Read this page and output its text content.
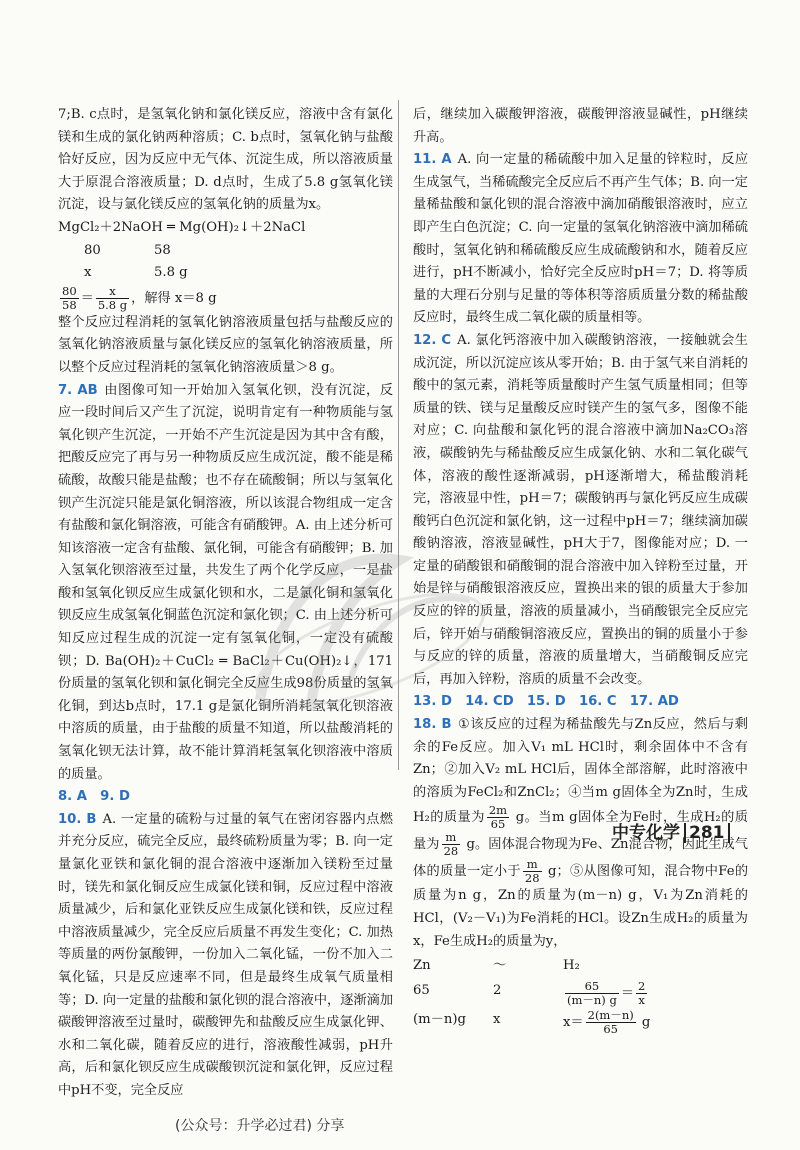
7;B. c点时，是氢氧化钠和氯化镁反应，溶液中含有氯化镁和生成的氯化钠两种溶质；C. b点时，氢氧化钠与盐酸恰好反应，因为反应中无气体、沉淀生成，所以溶液质量大于原混合溶液质量；D. d点时，生成了5.8 g氢氧化镁沉淀，设与氯化镁反应的氢氧化钠的质量为x。

MgCl₂＋2NaOH ═ Mg(OH)₂↓＋2NaCl

80	58
x	5.8 g

$\frac{80}{58} = \frac{x}{5.8 g}$ ，解得 x＝8 g

整个反应过程消耗的氢氧化钠溶液质量包括与盐酸反应的氢氧化钠溶液质量与氯化镁反应的氢氧化钠溶液质量，所以整个反应过程消耗的氢氧化钠溶液质量＞8 g。

7. AB 由图像可知一开始加入氢氧化钡，没有沉淀，反应一段时间后又产生了沉淀，说明肯定有一种物质能与氢氧化钡产生沉淀，一开始不产生沉淀是因为其中含有酸，把酸反应完了再与另一种物质反应生成沉淀，酸不能是稀硫酸，故酸只能是盐酸；也不存在硫酸铜；所以与氢氧化钡产生沉淀只能是氯化铜溶液，所以该混合物组成一定含有盐酸和氯化铜溶液，可能含有硝酸钾。A. 由上述分析可知该溶液一定含有盐酸、氯化铜，可能含有硝酸钾；B. 加入氢氧化钡溶液至过量，共发生了两个化学反应，一是盐酸和氢氧化钡反应生成氯化钡和水，二是氯化铜和氢氧化钡反应生成氢氧化铜蓝色沉淀和氯化钡；C. 由上述分析可知反应过程生成的沉淀一定有氢氧化铜，一定没有硫酸钡；D. Ba(OH)₂＋CuCl₂ ═ BaCl₂＋Cu(OH)₂↓，171份质量的氢氧化钡和氯化铜完全反应生成98份质量的氢氧化铜，到达b点时，17.1 g是氯化铜所消耗氢氧化钡溶液中溶质的质量，由于盐酸的质量不知道，所以盐酸消耗的氢氧化钡无法计算，故不能计算消耗氢氧化钡溶液中溶质的质量。

8. A　9. D

10. B A. 一定量的硫粉与过量的氧气在密闭容器内点燃并充分反应，硫完全反应，最终硫粉质量为零；B. 向一定量氯化亚铁和氯化铜的混合溶液中逐渐加入镁粉至过量时，镁先和氯化铜反应生成氯化镁和铜，反应过程中溶液质量减少，后和氯化亚铁反应生成氯化镁和铁，反应过程中溶液质量减少，完全反应后质量不再发生变化；C. 加热等质量的两份氯酸钾，一份加入二氧化锰，一份不加入二氧化锰，只是反应速率不同，但是最终生成氧气质量相等；D. 向一定量的盐酸和氯化钡的混合溶液中，逐渐滴加碳酸钾溶液至过量时，碳酸钾先和盐酸反应生成氯化钾、水和二氧化碳，随着反应的进行，溶液酸性减弱，pH升高，后和氯化钡反应生成碳酸钡沉淀和氯化钾，反应过程中pH不变，完全反应

后，继续加入碳酸钾溶液，碳酸钾溶液显碱性，pH继续升高。

11. A A. 向一定量的稀硫酸中加入足量的锌粒时，反应生成氢气，当稀硫酸完全反应后不再产生气体；B. 向一定量稀盐酸和氯化钡的混合溶液中滴加硝酸银溶液时，应立即产生白色沉淀；C. 向一定量的氢氧化钠溶液中滴加稀硫酸时，氢氧化钠和稀硫酸反应生成硫酸钠和水，随着反应进行，pH不断减小，恰好完全反应时pH＝7；D. 将等质量的大理石分别与足量的等体积等溶质质量分数的稀盐酸反应时，最终生成二氧化碳的质量相等。

12. C A. 氯化钙溶液中加入碳酸钠溶液，一接触就会生成沉淀，所以沉淀应该从零开始；B. 由于氢气来自消耗的酸中的氢元素，消耗等质量酸时产生氢气质量相同；但等质量的铁、镁与足量酸反应时镁产生的氢气多，图像不能对应；C. 向盐酸和氯化钙的混合溶液中滴加Na₂CO₃溶液，碳酸钠先与稀盐酸反应生成氯化钠、水和二氧化碳气体，溶液的酸性逐渐减弱，pH逐渐增大，稀盐酸消耗完，溶液显中性，pH＝7；碳酸钠再与氯化钙反应生成碳酸钙白色沉淀和氯化钠，这一过程中pH＝7；继续滴加碳酸钠溶液，溶液显碱性，pH大于7，图像能对应；D. 一定量的硝酸银和硝酸铜的混合溶液中加入锌粉至过量，开始是锌与硝酸银溶液反应，置换出来的银的质量大于参加反应的锌的质量，溶液的质量减小，当硝酸银完全反应完后，锌开始与硝酸铜溶液反应，置换出的铜的质量小于参与反应的锌的质量，溶液的质量增大，当硝酸铜反应完后，再加入锌粉，溶质的质量不会改变。

13. D　14. CD　15. D　16. C　17. AD

18. B ①该反应的过程为稀盐酸先与Zn反应，然后与剩余的Fe反应。加入V₁ mL HCl时，剩余固体中不含有Zn；②加入V₂ mL HCl后，固体全部溶解，此时溶液中的溶质为FeCl₂和ZnCl₂；④当m g固体全为Zn时，生成H₂的质量为 $\frac{2m}{65}$ g。当m g固体全为Fe时，生成H₂的质量为 $\frac{m}{28}$ g。固体混合物现为Fe、Zn混合物，因此生成气体的质量一定小于 $\frac{m}{28}$ g；⑤从图像可知，混合物中Fe的质量为n g，Zn的质量为(m－n) g，V₁为Zn消耗的HCl，(V₂－V₁)为Fe消耗的HCl。设Zn生成H₂的质量为x，Fe生成H₂的质量为y，

Zn	～	H₂
65	2	$\frac{65}{(m-n) g} = \frac{2}{x}$
(m－n)g	x	$x= \frac{2(m-n)}{65}$ g
中专化学 281
(公众号：升学必过君) 分享
